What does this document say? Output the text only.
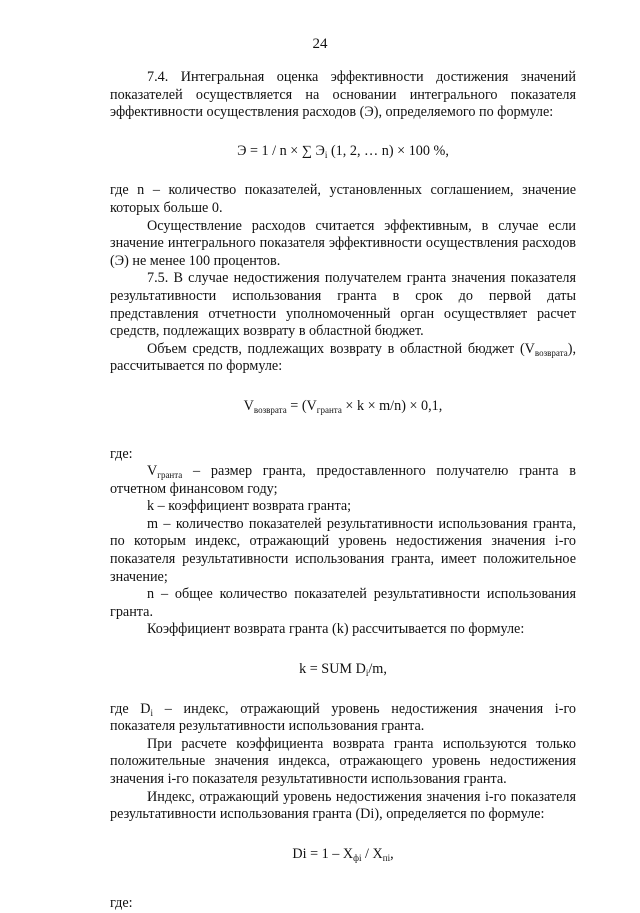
24

7.4. Интегральная оценка эффективности достижения значений показателей осуществляется на основании интегрального показателя эффективности осуществления расходов (Э), определяемого по формуле:

Э = 1 / n × ∑ $Э_i$ (1, 2, … n) × 100 %,

где n – количество показателей, установленных соглашением, значение которых больше 0.

Осуществление расходов считается эффективным, в случае если значение интегрального показателя эффективности осуществления расходов (Э) не менее 100 процентов.

7.5. В случае недостижения получателем гранта значения показателя результативности использования гранта в срок до первой даты представления отчетности уполномоченный орган осуществляет расчет средств, подлежащих возврату в областной бюджет.

Объем средств, подлежащих возврату в областной бюджет $(V_{возврата})$, рассчитывается по формуле:

$V_{возврата} = (V_{гранта} \times k \times m/n) \times 0,1$,

где:

$V_{гранта}$ – размер гранта, предоставленного получателю гранта в отчетном финансовом году;

k – коэффициент возврата гранта;

m – количество показателей результативности использования гранта, по которым индекс, отражающий уровень недостижения значения i-го показателя результативности использования гранта, имеет положительное значение;

n – общее количество показателей результативности использования гранта.

Коэффициент возврата гранта (k) рассчитывается по формуле:

k = SUM $D_i/m$,

где $D_i$ – индекс, отражающий уровень недостижения значения i-го показателя результативности использования гранта.

При расчете коэффициента возврата гранта используются только положительные значения индекса, отражающего уровень недостижения значения i-го показателя результативности использования гранта.

Индекс, отражающий уровень недостижения значения i-го показателя результативности использования гранта (Di), определяется по формуле:

$Di = 1 - X_{фi} / X_{пi}$,

где:
